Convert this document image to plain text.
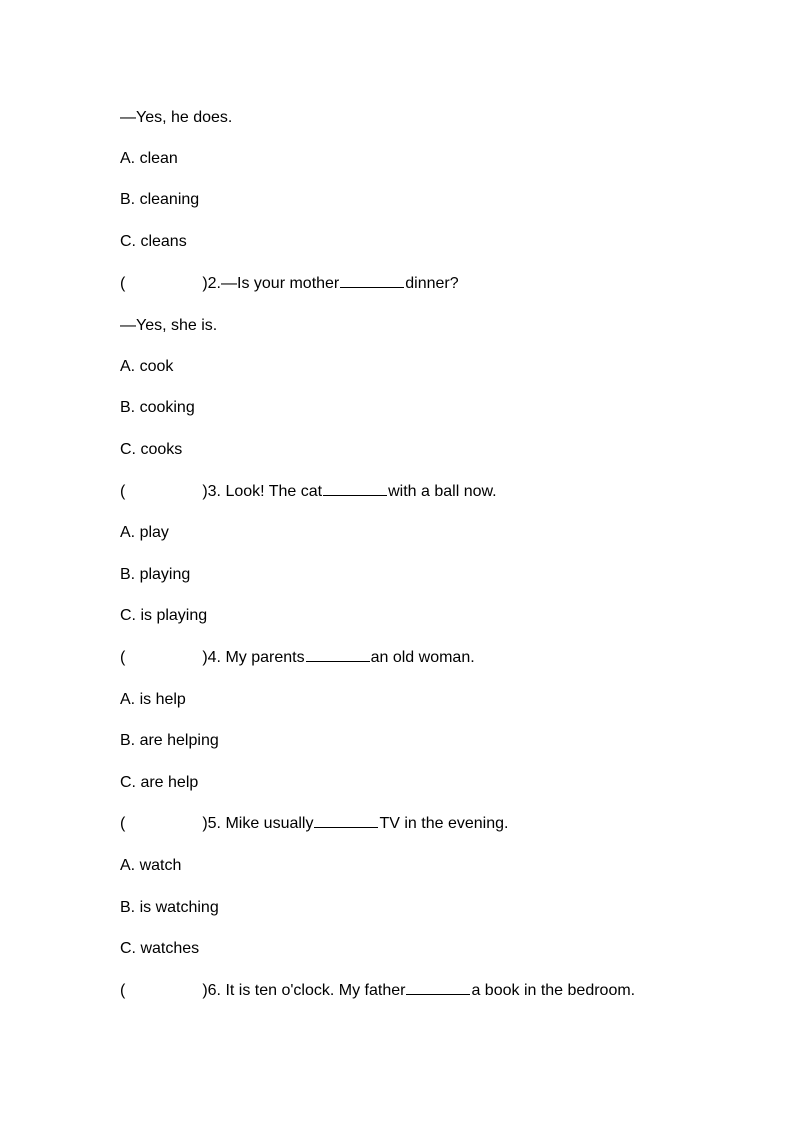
—Yes, he does.
A. clean
B. cleaning
C. cleans
(	) 2.—Is your mother	dinner?
—Yes, she is.
A. cook
B. cooking
C. cooks
(	) 3. Look! The cat	with a ball now.
A. play
B. playing
C. is playing
(	) 4. My parents	an old woman.
A. is help
B. are helping
C. are help
(	) 5. Mike usually	TV in the evening.
A. watch
B. is watching
C. watches
(	) 6. It is ten o'clock. My father	a book in the bedroom.
